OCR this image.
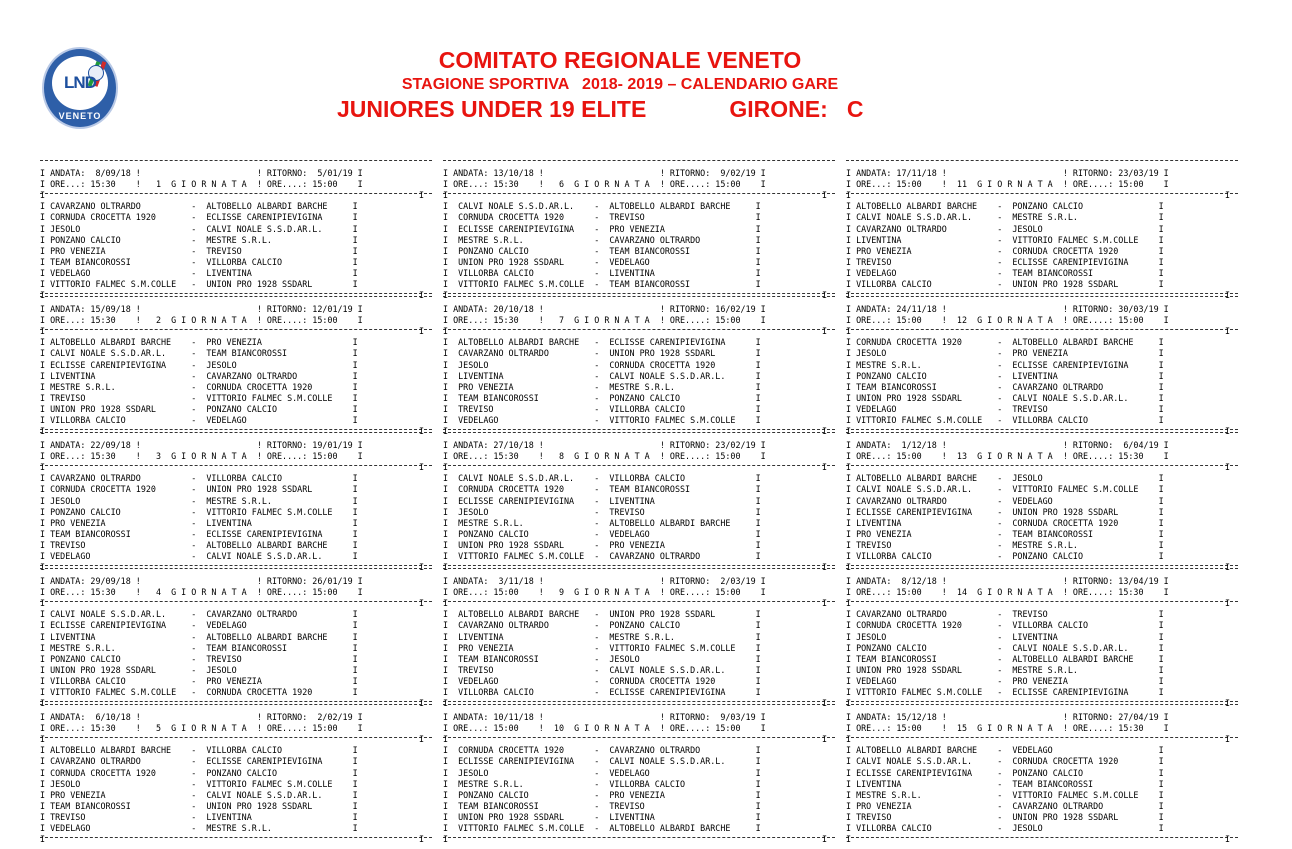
LND
VENETO
COMITATO REGIONALE VENETO
STAGIONE SPORTIVA   2018- 2019 – CALENDARIO GARE
JUNIORES UNDER 19 ELITE             GIRONE:   C
I ANDATA:  8/09/18 !                       ! RITORNO:  5/01/19 I
I ORE...: 15:30    !   1  G I O R N A T A  ! ORE....: 15:00    I
I
I
I CAVARZANO OLTRARDO          -  ALTOBELLO ALBARDI BARCHE     I
I CORNUDA CROCETTA 1920       -  ECLISSE CARENIPIEVIGINA      I
I JESOLO                      -  CALVI NOALE S.S.D.AR.L.      I
I PONZANO CALCIO              -  MESTRE S.R.L.                I
I PRO VENEZIA                 -  TREVISO                      I
I TEAM BIANCOROSSI            -  VILLORBA CALCIO              I
I VEDELAGO                    -  LIVENTINA                    I
I VITTORIO FALMEC S.M.COLLE   -  UNION PRO 1928 SSDARL        I
I
I
I ANDATA: 15/09/18 !                       ! RITORNO: 12/01/19 I
I ORE...: 15:30    !   2  G I O R N A T A  ! ORE....: 15:00    I
I
I
I ALTOBELLO ALBARDI BARCHE    -  PRO VENEZIA                  I
I CALVI NOALE S.S.D.AR.L.     -  TEAM BIANCOROSSI             I
I ECLISSE CARENIPIEVIGINA     -  JESOLO                       I
I LIVENTINA                   -  CAVARZANO OLTRARDO           I
I MESTRE S.R.L.               -  CORNUDA CROCETTA 1920        I
I TREVISO                     -  VITTORIO FALMEC S.M.COLLE    I
I UNION PRO 1928 SSDARL       -  PONZANO CALCIO               I
I VILLORBA CALCIO             -  VEDELAGO                     I
I
I
I ANDATA: 22/09/18 !                       ! RITORNO: 19/01/19 I
I ORE...: 15:30    !   3  G I O R N A T A  ! ORE....: 15:00    I
I
I
I CAVARZANO OLTRARDO          -  VILLORBA CALCIO              I
I CORNUDA CROCETTA 1920       -  UNION PRO 1928 SSDARL        I
I JESOLO                      -  MESTRE S.R.L.                I
I PONZANO CALCIO              -  VITTORIO FALMEC S.M.COLLE    I
I PRO VENEZIA                 -  LIVENTINA                    I
I TEAM BIANCOROSSI            -  ECLISSE CARENIPIEVIGINA      I
I TREVISO                     -  ALTOBELLO ALBARDI BARCHE     I
I VEDELAGO                    -  CALVI NOALE S.S.D.AR.L.      I
I
I
I ANDATA: 29/09/18 !                       ! RITORNO: 26/01/19 I
I ORE...: 15:30    !   4  G I O R N A T A  ! ORE....: 15:00    I
I
I
I CALVI NOALE S.S.D.AR.L.     -  CAVARZANO OLTRARDO           I
I ECLISSE CARENIPIEVIGINA     -  VEDELAGO                     I
I LIVENTINA                   -  ALTOBELLO ALBARDI BARCHE     I
I MESTRE S.R.L.               -  TEAM BIANCOROSSI             I
I PONZANO CALCIO              -  TREVISO                      I
I UNION PRO 1928 SSDARL       -  JESOLO                       I
I VILLORBA CALCIO             -  PRO VENEZIA                  I
I VITTORIO FALMEC S.M.COLLE   -  CORNUDA CROCETTA 1920        I
I
I
I ANDATA:  6/10/18 !                       ! RITORNO:  2/02/19 I
I ORE...: 15:30    !   5  G I O R N A T A  ! ORE....: 15:00    I
I
I
I ALTOBELLO ALBARDI BARCHE    -  VILLORBA CALCIO              I
I CAVARZANO OLTRARDO          -  ECLISSE CARENIPIEVIGINA      I
I CORNUDA CROCETTA 1920       -  PONZANO CALCIO               I
I JESOLO                      -  VITTORIO FALMEC S.M.COLLE    I
I PRO VENEZIA                 -  CALVI NOALE S.S.D.AR.L.      I
I TEAM BIANCOROSSI            -  UNION PRO 1928 SSDARL        I
I TREVISO                     -  LIVENTINA                    I
I VEDELAGO                    -  MESTRE S.R.L.                I
I
I
I ANDATA: 13/10/18 !                       ! RITORNO:  9/02/19 I
I ORE...: 15:30    !   6  G I O R N A T A  ! ORE....: 15:00    I
I
I
I  CALVI NOALE S.S.D.AR.L.    -  ALTOBELLO ALBARDI BARCHE     I
I  CORNUDA CROCETTA 1920      -  TREVISO                      I
I  ECLISSE CARENIPIEVIGINA    -  PRO VENEZIA                  I
I  MESTRE S.R.L.              -  CAVARZANO OLTRARDO           I
I  PONZANO CALCIO             -  TEAM BIANCOROSSI             I
I  UNION PRO 1928 SSDARL      -  VEDELAGO                     I
I  VILLORBA CALCIO            -  LIVENTINA                    I
I  VITTORIO FALMEC S.M.COLLE  -  TEAM BIANCOROSSI             I
I
I
I ANDATA: 20/10/18 !                       ! RITORNO: 16/02/19 I
I ORE...: 15:30    !   7  G I O R N A T A  ! ORE....: 15:00    I
I
I
I  ALTOBELLO ALBARDI BARCHE   -  ECLISSE CARENIPIEVIGINA      I
I  CAVARZANO OLTRARDO         -  UNION PRO 1928 SSDARL        I
I  JESOLO                     -  CORNUDA CROCETTA 1920        I
I  LIVENTINA                  -  CALVI NOALE S.S.D.AR.L.      I
I  PRO VENEZIA                -  MESTRE S.R.L.                I
I  TEAM BIANCOROSSI           -  PONZANO CALCIO               I
I  TREVISO                    -  VILLORBA CALCIO              I
I  VEDELAGO                   -  VITTORIO FALMEC S.M.COLLE    I
I
I
I ANDATA: 27/10/18 !                       ! RITORNO: 23/02/19 I
I ORE...: 15:30    !   8  G I O R N A T A  ! ORE....: 15:00    I
I
I
I  CALVI NOALE S.S.D.AR.L.    -  VILLORBA CALCIO              I
I  CORNUDA CROCETTA 1920      -  TEAM BIANCOROSSI             I
I  ECLISSE CARENIPIEVIGINA    -  LIVENTINA                    I
I  JESOLO                     -  TREVISO                      I
I  MESTRE S.R.L.              -  ALTOBELLO ALBARDI BARCHE     I
I  PONZANO CALCIO             -  VEDELAGO                     I
I  UNION PRO 1928 SSDARL      -  PRO VENEZIA                  I
I  VITTORIO FALMEC S.M.COLLE  -  CAVARZANO OLTRARDO           I
I
I
I ANDATA:  3/11/18 !                       ! RITORNO:  2/03/19 I
I ORE...: 15:00    !   9  G I O R N A T A  ! ORE....: 15:00    I
I
I
I  ALTOBELLO ALBARDI BARCHE   -  UNION PRO 1928 SSDARL        I
I  CAVARZANO OLTRARDO         -  PONZANO CALCIO               I
I  LIVENTINA                  -  MESTRE S.R.L.                I
I  PRO VENEZIA                -  VITTORIO FALMEC S.M.COLLE    I
I  TEAM BIANCOROSSI           -  JESOLO                       I
I  TREVISO                    -  CALVI NOALE S.S.D.AR.L.      I
I  VEDELAGO                   -  CORNUDA CROCETTA 1920        I
I  VILLORBA CALCIO            -  ECLISSE CARENIPIEVIGINA      I
I
I
I ANDATA: 10/11/18 !                       ! RITORNO:  9/03/19 I
I ORE...: 15:00    !  10  G I O R N A T A  ! ORE....: 15:00    I
I
I
I  CORNUDA CROCETTA 1920      -  CAVARZANO OLTRARDO           I
I  ECLISSE CARENIPIEVIGINA    -  CALVI NOALE S.S.D.AR.L.      I
I  JESOLO                     -  VEDELAGO                     I
I  MESTRE S.R.L.              -  VILLORBA CALCIO              I
I  PONZANO CALCIO             -  PRO VENEZIA                  I
I  TEAM BIANCOROSSI           -  TREVISO                      I
I  UNION PRO 1928 SSDARL      -  LIVENTINA                    I
I  VITTORIO FALMEC S.M.COLLE  -  ALTOBELLO ALBARDI BARCHE     I
I
I
I ANDATA: 17/11/18 !                       ! RITORNO: 23/03/19 I
I ORE...: 15:00    !  11  G I O R N A T A  ! ORE....: 15:00    I
I
I
I ALTOBELLO ALBARDI BARCHE    -  PONZANO CALCIO               I
I CALVI NOALE S.S.D.AR.L.     -  MESTRE S.R.L.                I
I CAVARZANO OLTRARDO          -  JESOLO                       I
I LIVENTINA                   -  VITTORIO FALMEC S.M.COLLE    I
I PRO VENEZIA                 -  CORNUDA CROCETTA 1920        I
I TREVISO                     -  ECLISSE CARENIPIEVIGINA      I
I VEDELAGO                    -  TEAM BIANCOROSSI             I
I VILLORBA CALCIO             -  UNION PRO 1928 SSDARL        I
I
I
I ANDATA: 24/11/18 !                       ! RITORNO: 30/03/19 I
I ORE...: 15:00    !  12  G I O R N A T A  ! ORE....: 15:00    I
I
I
I CORNUDA CROCETTA 1920       -  ALTOBELLO ALBARDI BARCHE     I
I JESOLO                      -  PRO VENEZIA                  I
I MESTRE S.R.L.               -  ECLISSE CARENIPIEVIGINA      I
I PONZANO CALCIO              -  LIVENTINA                    I
I TEAM BIANCOROSSI            -  CAVARZANO OLTRARDO           I
I UNION PRO 1928 SSDARL       -  CALVI NOALE S.S.D.AR.L.      I
I VEDELAGO                    -  TREVISO                      I
I VITTORIO FALMEC S.M.COLLE   -  VILLORBA CALCIO              I
I
I
I ANDATA:  1/12/18 !                       ! RITORNO:  6/04/19 I
I ORE...: 15:00    !  13  G I O R N A T A  ! ORE....: 15:30    I
I
I
I ALTOBELLO ALBARDI BARCHE    -  JESOLO                       I
I CALVI NOALE S.S.D.AR.L.     -  VITTORIO FALMEC S.M.COLLE    I
I CAVARZANO OLTRARDO          -  VEDELAGO                     I
I ECLISSE CARENIPIEVIGINA     -  UNION PRO 1928 SSDARL        I
I LIVENTINA                   -  CORNUDA CROCETTA 1920        I
I PRO VENEZIA                 -  TEAM BIANCOROSSI             I
I TREVISO                     -  MESTRE S.R.L.                I
I VILLORBA CALCIO             -  PONZANO CALCIO               I
I
I
I ANDATA:  8/12/18 !                       ! RITORNO: 13/04/19 I
I ORE...: 15:00    !  14  G I O R N A T A  ! ORE....: 15:30    I
I
I
I CAVARZANO OLTRARDO          -  TREVISO                      I
I CORNUDA CROCETTA 1920       -  VILLORBA CALCIO              I
I JESOLO                      -  LIVENTINA                    I
I PONZANO CALCIO              -  CALVI NOALE S.S.D.AR.L.      I
I TEAM BIANCOROSSI            -  ALTOBELLO ALBARDI BARCHE     I
I UNION PRO 1928 SSDARL       -  MESTRE S.R.L.                I
I VEDELAGO                    -  PRO VENEZIA                  I
I VITTORIO FALMEC S.M.COLLE   -  ECLISSE CARENIPIEVIGINA      I
I
I
I ANDATA: 15/12/18 !                       ! RITORNO: 27/04/19 I
I ORE...: 15:00    !  15  G I O R N A T A  ! ORE....: 15:30    I
I
I
I ALTOBELLO ALBARDI BARCHE    -  VEDELAGO                     I
I CALVI NOALE S.S.D.AR.L.     -  CORNUDA CROCETTA 1920        I
I ECLISSE CARENIPIEVIGINA     -  PONZANO CALCIO               I
I LIVENTINA                   -  TEAM BIANCOROSSI             I
I MESTRE S.R.L.               -  VITTORIO FALMEC S.M.COLLE    I
I PRO VENEZIA                 -  CAVARZANO OLTRARDO           I
I TREVISO                     -  UNION PRO 1928 SSDARL        I
I VILLORBA CALCIO             -  JESOLO                       I
I
I
